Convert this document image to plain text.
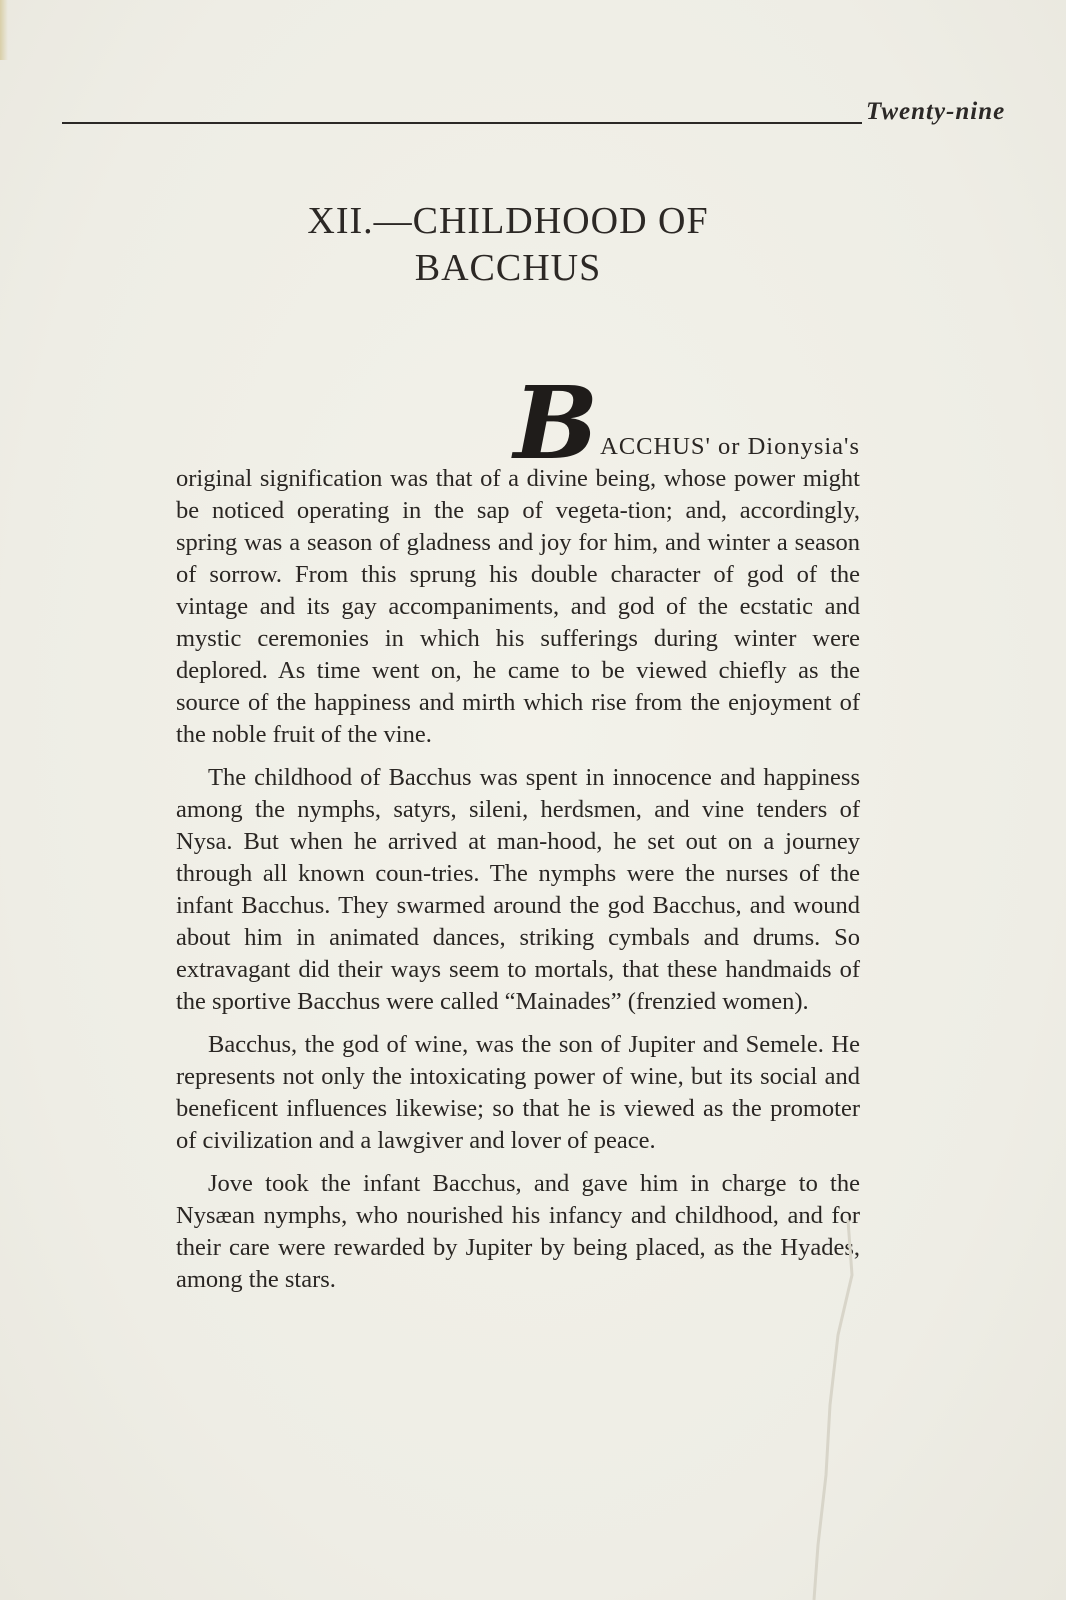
Twenty-nine
XII.—CHILDHOOD OF
BACCHUS

BACCHUS' or Dionysia's
original signification was that of a divine being, whose power might be noticed operating in the sap of vegeta-tion; and, accordingly, spring was a season of gladness and joy for him, and winter a season of sorrow. From this sprung his double character of god of the vintage and its gay accompaniments, and god of the ecstatic and mystic ceremonies in which his sufferings during winter were deplored. As time went on, he came to be viewed chiefly as the source of the happiness and mirth which rise from the enjoyment of the noble fruit of the vine.

The childhood of Bacchus was spent in innocence and happiness among the nymphs, satyrs, sileni, herdsmen, and vine tenders of Nysa. But when he arrived at man-hood, he set out on a journey through all known coun-tries. The nymphs were the nurses of the infant Bacchus. They swarmed around the god Bacchus, and wound about him in animated dances, striking cymbals and drums. So extravagant did their ways seem to mortals, that these handmaids of the sportive Bacchus were called “Mainades” (frenzied women).

Bacchus, the god of wine, was the son of Jupiter and Semele. He represents not only the intoxicating power of wine, but its social and beneficent influences likewise; so that he is viewed as the promoter of civilization and a lawgiver and lover of peace.

Jove took the infant Bacchus, and gave him in charge to the Nysæan nymphs, who nourished his infancy and childhood, and for their care were rewarded by Jupiter by being placed, as the Hyades, among the stars.
